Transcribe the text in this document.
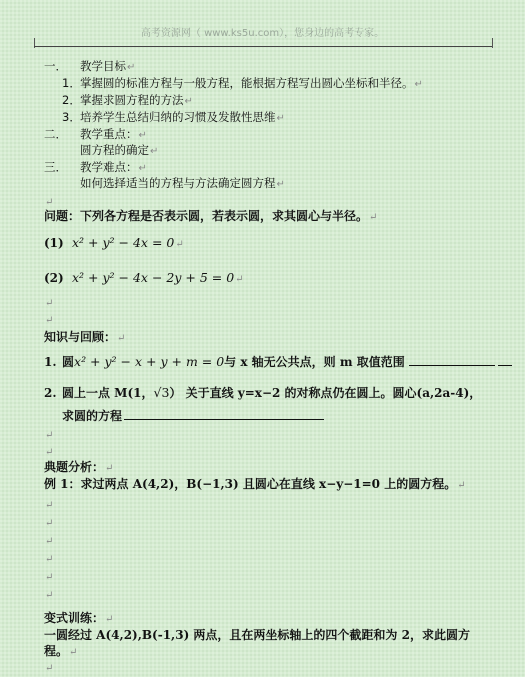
高考资源网（ www.ks5u.com），您身边的高考专家。
一． 教学目标↵
1．掌握圆的标准方程与一般方程，能根据方程写出圆心坐标和半径。↵
2．掌握求圆方程的方法↵
3．培养学生总结归纳的习惯及发散性思维↵
二． 教学重点：↵
圆方程的确定↵
三． 教学难点：↵
如何选择适当的方程与方法确定圆方程↵
↵
问题：下列各方程是否表示圆，若表示圆，求其圆心与半径。↵
(1) x² + y² − 4x = 0↵
(2) x² + y² − 4x − 2y + 5 = 0↵
↵
↵
知识与回顾：↵
1. 圆x² + y² − x + y + m = 0与 x 轴无公共点，则 m 取值范围
2. 圆上一点 M(1，√3） 关于直线 y=x−2 的对称点仍在圆上。圆心(a,2a-4)，
求圆的方程
↵
↵
典题分析：↵
例 1：求过两点 A(4,2)，B(−1,3) 且圆心在直线 x−y−1=0 上的圆方程。↵
↵
↵
↵
↵
↵
↵
变式训练：↵
一圆经过 A(4,2),B(-1,3) 两点，且在两坐标轴上的四个截距和为 2，求此圆方
程。↵
↵
